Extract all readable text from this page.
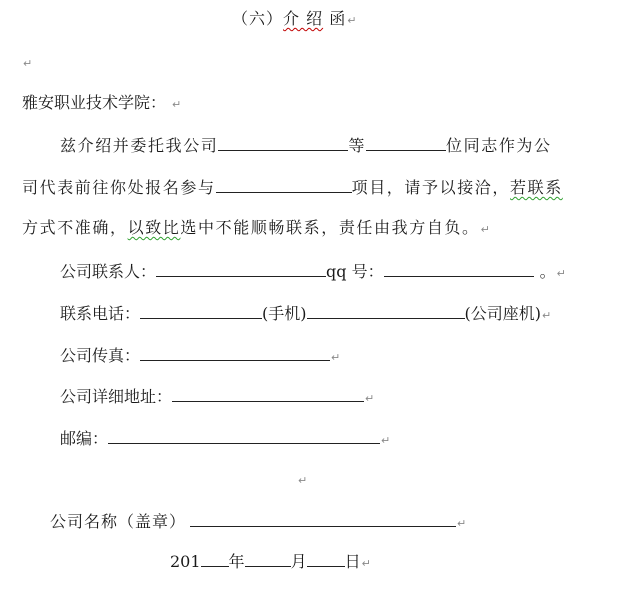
（六）介 绍 函↵
↵
雅安职业技术学院： ↵
兹介绍并委托我公司	等	位同志作为公
司代表前往你处报名参与	项目，请予以接洽，若联系
方式不准确，以致比选中不能顺畅联系，责任由我方自负。↵
公司联系人：	qq 号：	。↵
联系电话：	(手机)	(公司座机)↵
公司传真：	↵
公司详细地址：	↵
邮编：	↵
↵
公司名称（盖章）	↵
201 年	月 日↵
